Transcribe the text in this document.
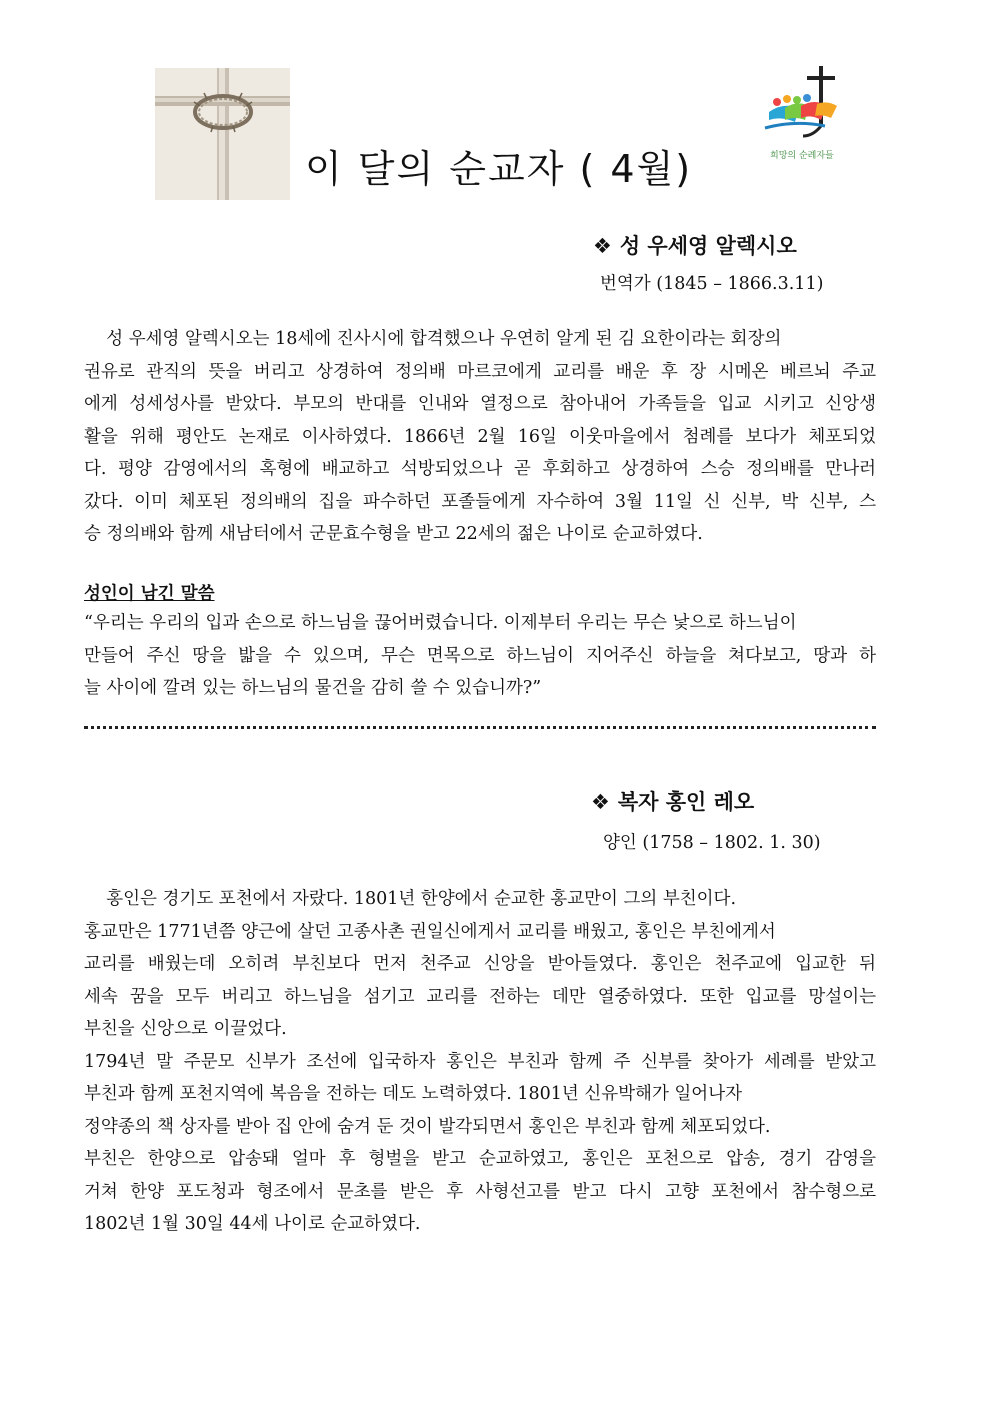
희망의 순례자들
이 달의 순교자 ( 4월)
❖ 성 우세영 알렉시오
번역가 (1845 – 1866.3.11)
성 우세영 알렉시오는 18세에 진사시에 합격했으나 우연히 알게 된 김 요한이라는 회장의
권유로 관직의 뜻을 버리고 상경하여 정의배 마르코에게 교리를 배운 후 장 시메온 베르뇌 주교
에게 성세성사를 받았다. 부모의 반대를 인내와 열정으로 참아내어 가족들을 입교 시키고 신앙생
활을 위해 평안도 논재로 이사하였다. 1866년 2월 16일 이웃마을에서 첨례를 보다가 체포되었
다. 평양 감영에서의 혹형에 배교하고 석방되었으나 곧 후회하고 상경하여 스승 정의배를 만나러
갔다. 이미 체포된 정의배의 집을 파수하던 포졸들에게 자수하여 3월 11일 신 신부, 박 신부, 스
승 정의배와 함께 새남터에서 군문효수형을 받고 22세의 젊은 나이로 순교하였다.
성인이 남긴 말씀
“우리는 우리의 입과 손으로 하느님을 끊어버렸습니다. 이제부터 우리는 무슨 낯으로 하느님이
만들어 주신 땅을 밟을 수 있으며, 무슨 면목으로 하느님이 지어주신 하늘을 쳐다보고, 땅과 하
늘 사이에 깔려 있는 하느님의 물건을 감히 쓸 수 있습니까?”
❖ 복자 홍인 레오
양인 (1758 – 1802. 1. 30)
홍인은 경기도 포천에서 자랐다. 1801년 한양에서 순교한 홍교만이 그의 부친이다.
홍교만은 1771년쯤 양근에 살던 고종사촌 권일신에게서 교리를 배웠고, 홍인은 부친에게서
교리를 배웠는데 오히려 부친보다 먼저 천주교 신앙을 받아들였다. 홍인은 천주교에 입교한 뒤
세속 꿈을 모두 버리고 하느님을 섬기고 교리를 전하는 데만 열중하였다. 또한 입교를 망설이는
부친을 신앙으로 이끌었다.
1794년 말 주문모 신부가 조선에 입국하자 홍인은 부친과 함께 주 신부를 찾아가 세례를 받았고
부친과 함께 포천지역에 복음을 전하는 데도 노력하였다. 1801년 신유박해가 일어나자
정약종의 책 상자를 받아 집 안에 숨겨 둔 것이 발각되면서 홍인은 부친과 함께 체포되었다.
부친은 한양으로 압송돼 얼마 후 형벌을 받고 순교하였고, 홍인은 포천으로 압송, 경기 감영을
거쳐 한양 포도청과 형조에서 문초를 받은 후 사형선고를 받고 다시 고향 포천에서 참수형으로
1802년 1월 30일 44세 나이로 순교하였다.
